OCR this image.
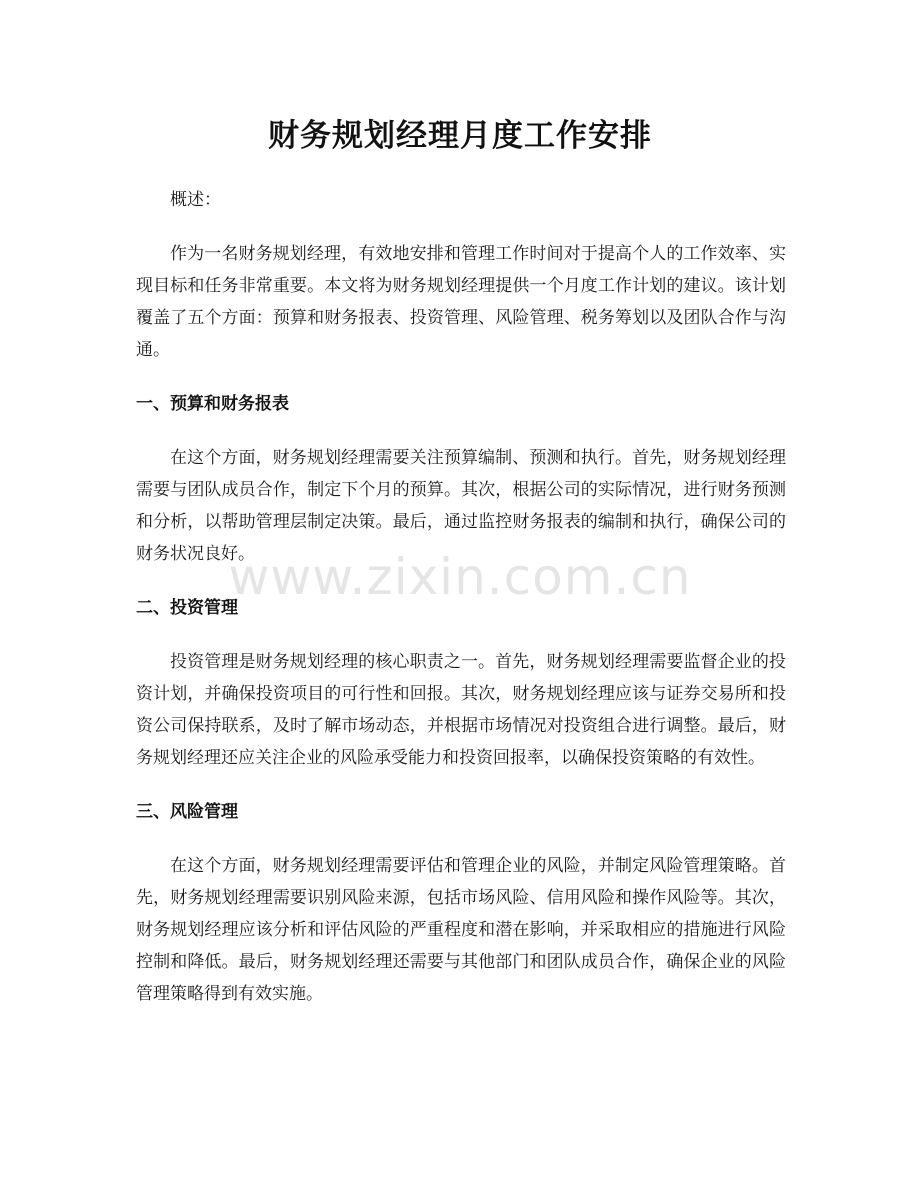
财务规划经理月度工作安排

概述：

作为一名财务规划经理，有效地安排和管理工作时间对于提高个人的工作效率、实现目标和任务非常重要。本文将为财务规划经理提供一个月度工作计划的建议。该计划覆盖了五个方面：预算和财务报表、投资管理、风险管理、税务筹划以及团队合作与沟通。

一、预算和财务报表

在这个方面，财务规划经理需要关注预算编制、预测和执行。首先，财务规划经理需要与团队成员合作，制定下个月的预算。其次，根据公司的实际情况，进行财务预测和分析，以帮助管理层制定决策。最后，通过监控财务报表的编制和执行，确保公司的财务状况良好。

二、投资管理

投资管理是财务规划经理的核心职责之一。首先，财务规划经理需要监督企业的投资计划，并确保投资项目的可行性和回报。其次，财务规划经理应该与证券交易所和投资公司保持联系，及时了解市场动态，并根据市场情况对投资组合进行调整。最后，财务规划经理还应关注企业的风险承受能力和投资回报率，以确保投资策略的有效性。

三、风险管理

在这个方面，财务规划经理需要评估和管理企业的风险，并制定风险管理策略。首先，财务规划经理需要识别风险来源，包括市场风险、信用风险和操作风险等。其次，财务规划经理应该分析和评估风险的严重程度和潜在影响，并采取相应的措施进行风险控制和降低。最后，财务规划经理还需要与其他部门和团队成员合作，确保企业的风险管理策略得到有效实施。

www.zixin.com.cn
